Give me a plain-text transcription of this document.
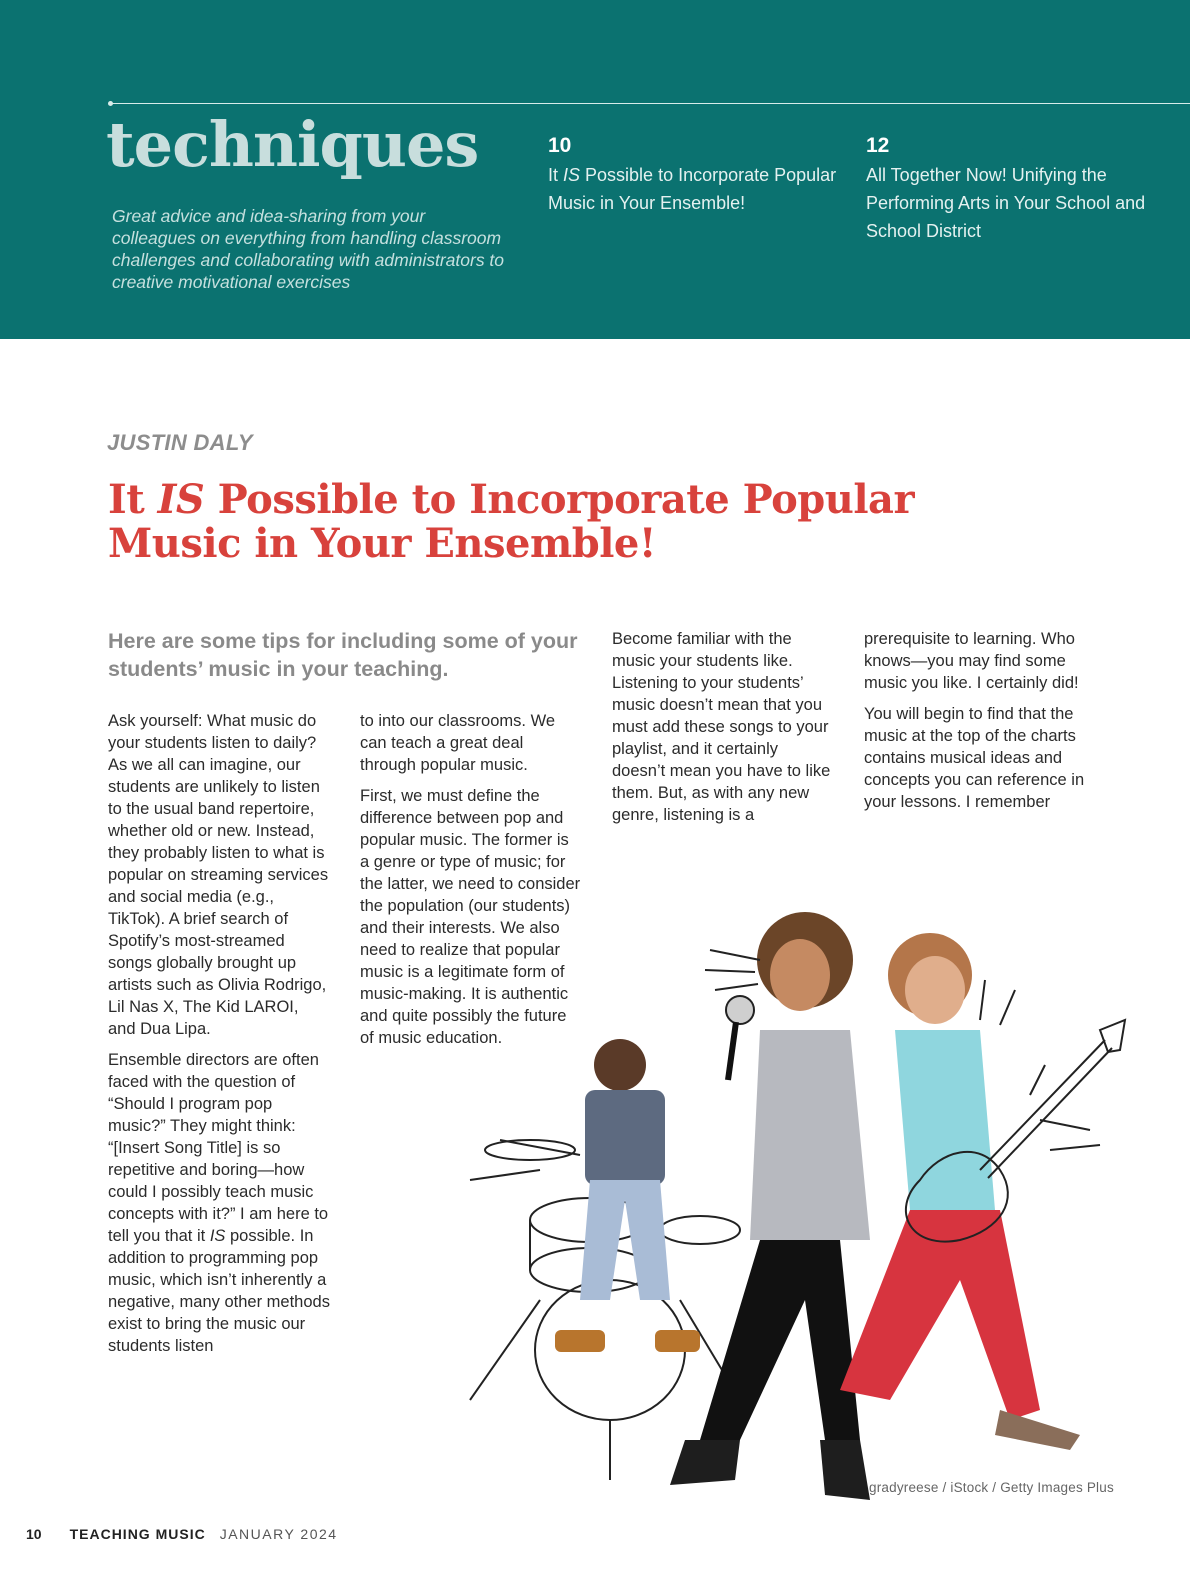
techniques

Great advice and idea-sharing from your colleagues on everything from handling classroom challenges and collaborating with administrators to creative motivational exercises

10
It IS Possible to Incorporate Popular Music in Your Ensemble!
12
All Together Now! Unifying the Performing Arts in Your School and School District

JUSTIN DALY

It IS Possible to Incorporate Popular Music in Your Ensemble!

Here are some tips for including some of your students’ music in your teaching.

Ask yourself: What music do your students listen to daily? As we all can imagine, our students are unlikely to listen to the usual band repertoire, whether old or new. Instead, they probably listen to what is popular on streaming services and social media (e.g., TikTok). A brief search of Spotify’s most-streamed songs globally brought up artists such as Olivia Rodrigo, Lil Nas X, The Kid LAROI, and Dua Lipa.

Ensemble directors are often faced with the question of “Should I program pop music?” They might think: “[Insert Song Title] is so repetitive and boring—how could I possibly teach music concepts with it?” I am here to tell you that it IS possible. In addition to programming pop music, which isn’t inherently a negative, many other methods exist to bring the music our students listen

to into our classrooms. We can teach a great deal through popular music.

First, we must define the difference between pop and popular music. The former is a genre or type of music; for the latter, we need to consider the population (our students) and their interests. We also need to realize that popular music is a legitimate form of music-making. It is authentic and quite possibly the future of music education.

Become familiar with the music your students like. Listening to your students’ music doesn’t mean that you must add these songs to your playlist, and it certainly doesn’t mean you have to like them. But, as with any new genre, listening is a

prerequisite to learning. Who knows—you may find some music you like. I certainly did!

You will begin to find that the music at the top of the charts contains musical ideas and concepts you can reference in your lessons. I remember

gradyreese / iStock / Getty Images Plus
10 TEACHING MUSIC JANUARY 2024
